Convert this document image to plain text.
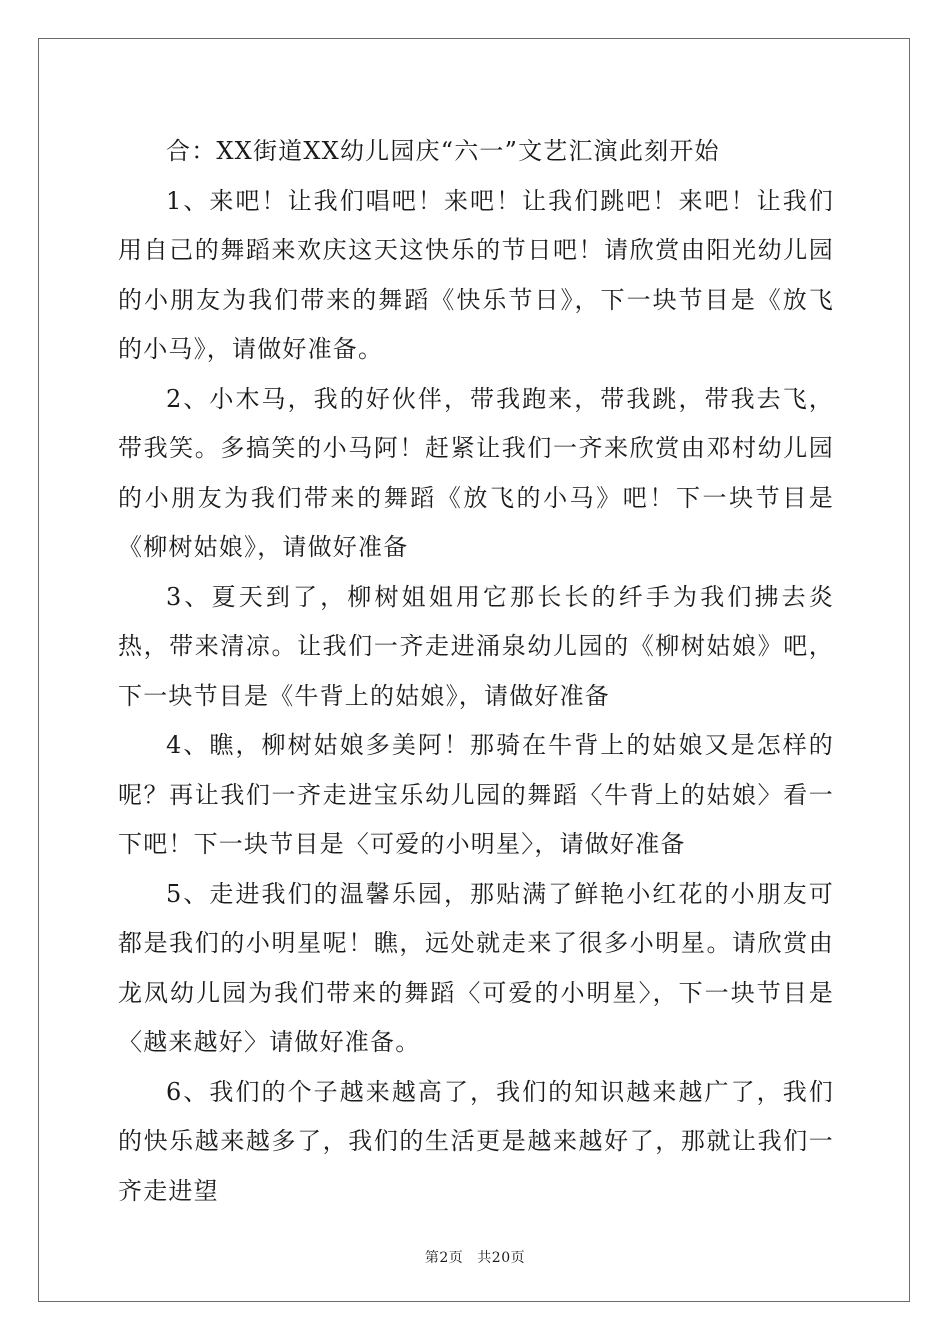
合：XX街道XX幼儿园庆“六一”文艺汇演此刻开始

1、来吧！让我们唱吧！来吧！让我们跳吧！来吧！让我们用自己的舞蹈来欢庆这天这快乐的节日吧！请欣赏由阳光幼儿园的小朋友为我们带来的舞蹈《快乐节日》，下一块节目是《放飞的小马》，请做好准备。

2、小木马，我的好伙伴，带我跑来，带我跳，带我去飞，带我笑。多搞笑的小马阿！赶紧让我们一齐来欣赏由邓村幼儿园的小朋友为我们带来的舞蹈《放飞的小马》吧！下一块节目是《柳树姑娘》，请做好准备

3、夏天到了，柳树姐姐用它那长长的纤手为我们拂去炎热，带来清凉。让我们一齐走进涌泉幼儿园的《柳树姑娘》吧，下一块节目是《牛背上的姑娘》，请做好准备

4、瞧，柳树姑娘多美阿！那骑在牛背上的姑娘又是怎样的呢？再让我们一齐走进宝乐幼儿园的舞蹈〈牛背上的姑娘〉看一下吧！下一块节目是〈可爱的小明星〉，请做好准备

5、走进我们的温馨乐园，那贴满了鲜艳小红花的小朋友可都是我们的小明星呢！瞧，远处就走来了很多小明星。请欣赏由龙凤幼儿园为我们带来的舞蹈〈可爱的小明星〉，下一块节目是〈越来越好〉请做好准备。

6、我们的个子越来越高了，我们的知识越来越广了，我们的快乐越来越多了，我们的生活更是越来越好了，那就让我们一齐走进望

第2页 共20页
